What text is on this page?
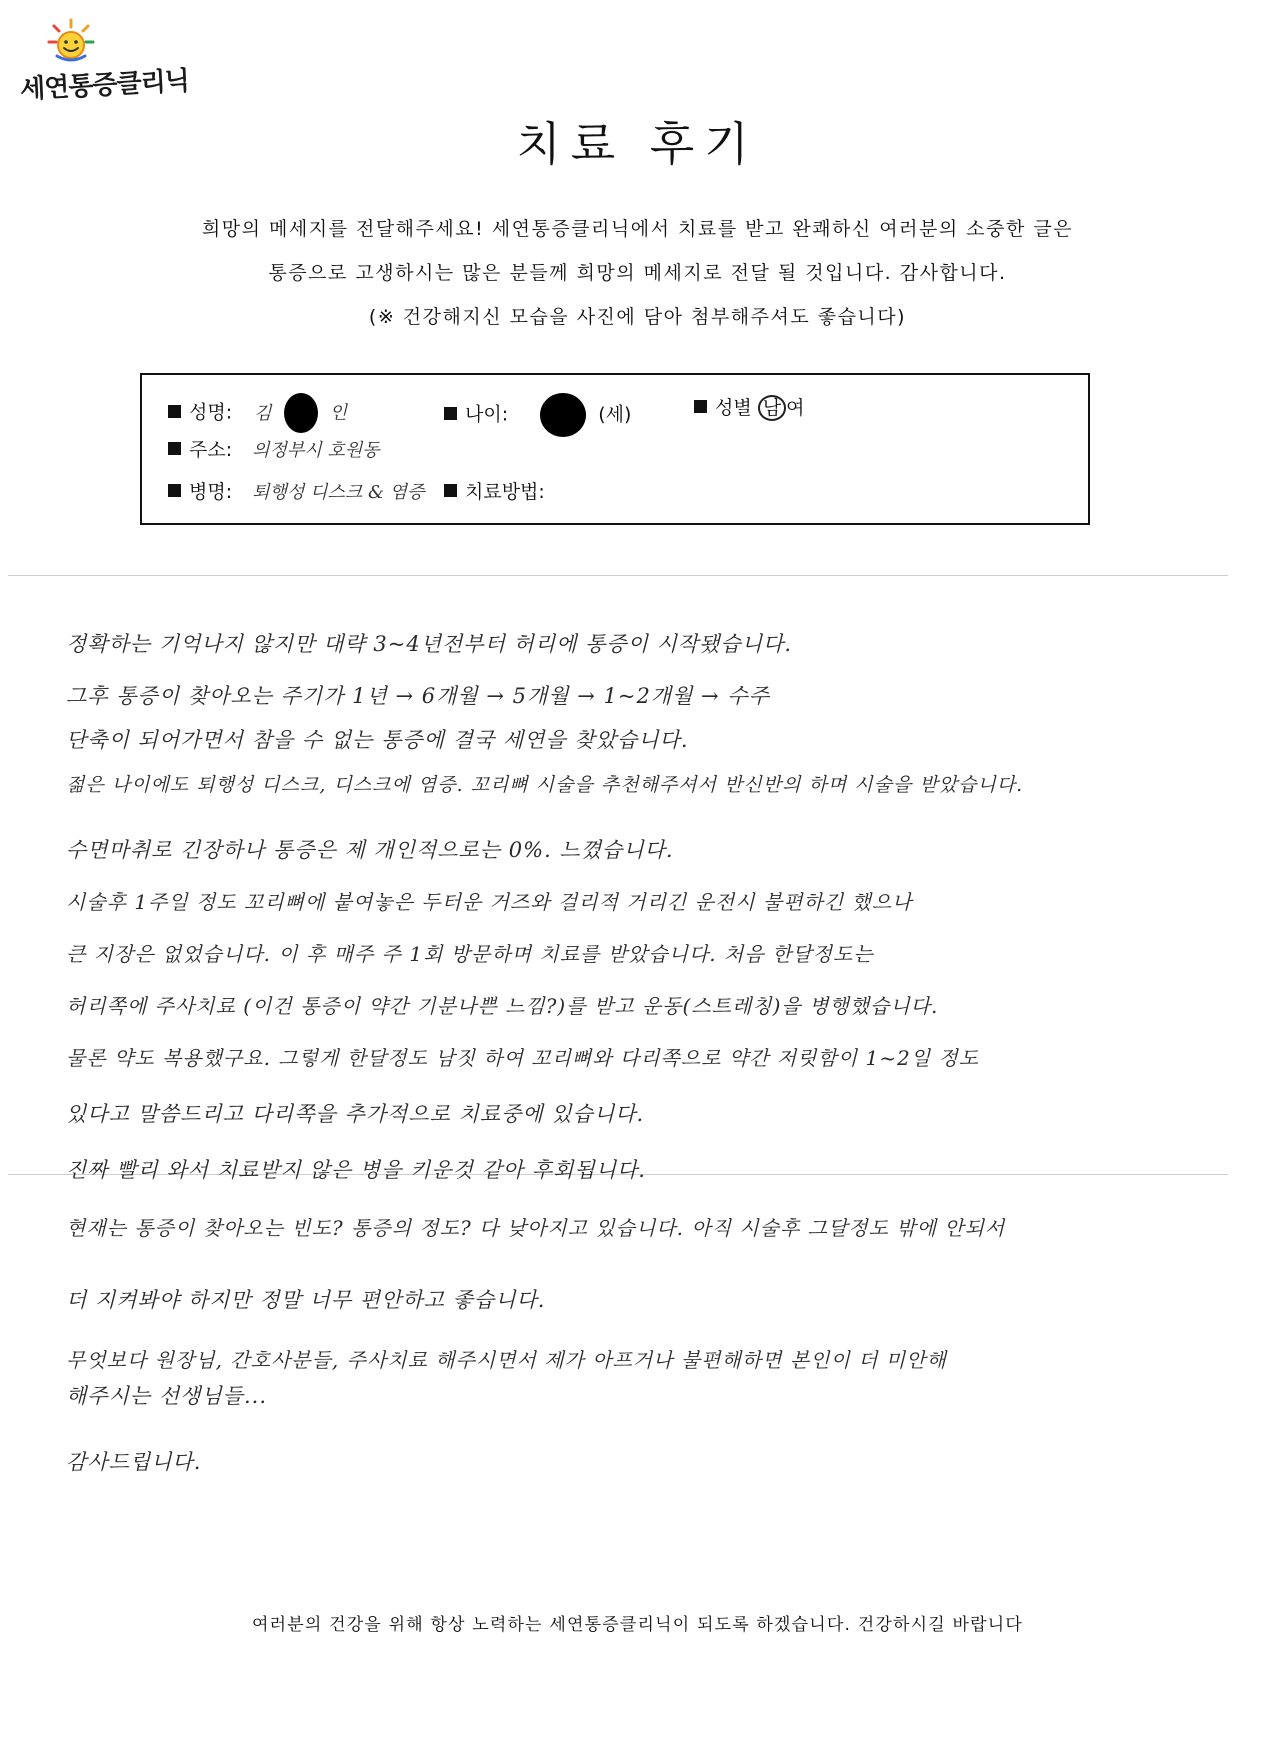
세연통증클리닉
치료 후기
희망의 메세지를 전달해주세요! 세연통증클리닉에서 치료를 받고 완쾌하신 여러분의 소중한 글은
통증으로 고생하시는 많은 분들께 희망의 메세지로 전달 될 것입니다. 감사합니다.
(※ 건강해지신 모습을 사진에 담아 첨부해주셔도 좋습니다)
성명: 김	인	나이:	(세)	성별 남 여
주소: 의정부시 호원동
병명: 퇴행성 디스크 & 염증	치료방법:
정확하는 기억나지 않지만 대략 3~4년전부터 허리에 통증이 시작됐습니다.
그후 통증이 찾아오는 주기가 1년 → 6개월 → 5개월 → 1~2개월 → 수주
단축이 되어가면서 참을 수 없는 통증에 결국 세연을 찾았습니다.
젊은 나이에도 퇴행성 디스크, 디스크에 염증. 꼬리뼈 시술을 추천해주셔서 반신반의 하며 시술을 받았습니다.
수면마취로 긴장하나 통증은 제 개인적으로는 0%. 느꼈습니다.
시술후 1주일 정도 꼬리뼈에 붙여놓은 두터운 거즈와 걸리적 거리긴 운전시 불편하긴 했으나
큰 지장은 없었습니다. 이 후 매주 주 1회 방문하며 치료를 받았습니다. 처음 한달정도는
허리쪽에 주사치료 (이건 통증이 약간 기분나쁜 느낌?)를 받고 운동(스트레칭)을 병행했습니다.
물론 약도 복용했구요. 그렇게 한달정도 남짓 하여 꼬리뼈와 다리쪽으로 약간 저릿함이 1~2일 정도
있다고 말씀드리고 다리쪽을 추가적으로 치료중에 있습니다.
진짜 빨리 와서 치료받지 않은 병을 키운것 같아 후회됩니다.
현재는 통증이 찾아오는 빈도? 통증의 정도? 다 낮아지고 있습니다. 아직 시술후 그달정도 밖에 안되서
더 지켜봐야 하지만 정말 너무 편안하고 좋습니다.
무엇보다 원장님, 간호사분들, 주사치료 해주시면서 제가 아프거나 불편해하면 본인이 더 미안해
해주시는 선생님들...
감사드립니다.
여러분의 건강을 위해 항상 노력하는 세연통증클리닉이 되도록 하겠습니다. 건강하시길 바랍니다
